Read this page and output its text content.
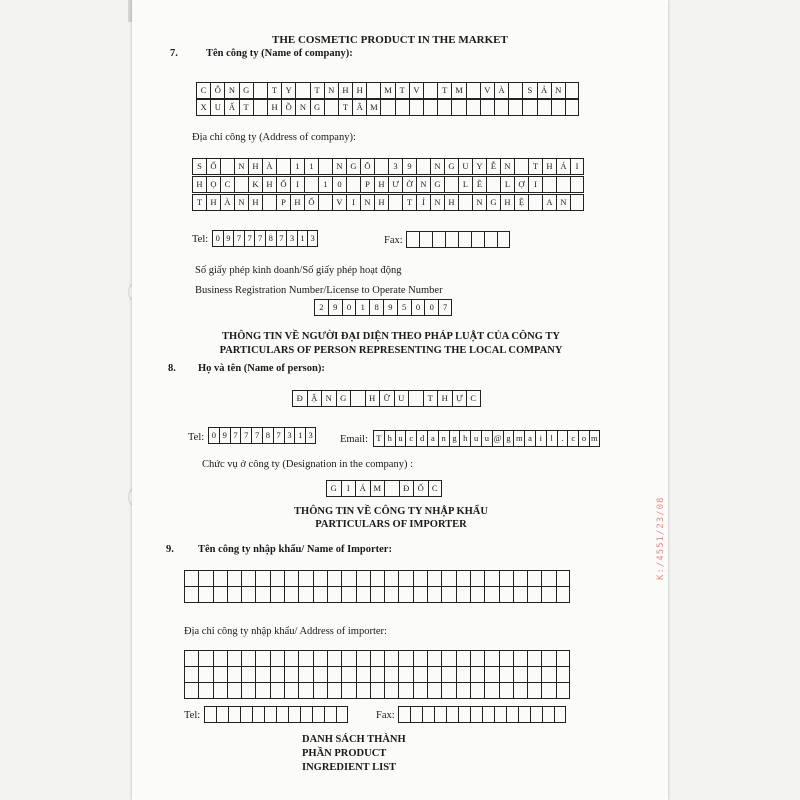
THE COSMETIC PRODUCT IN THE MARKET
7.	Tên công ty (Name of company):
C Ô N G	T	Y	T	N H H	M T	V	T M	V À	S	Ả N
X U Ấ	T	H Ồ N G	T	Â M
Địa chỉ công ty (Address of company):
S	Ố	N H À	1	1	N G Õ	3	9	N G U Y Ễ N	T H Á	I
H Ọ C	K H Ố	I	1	0	P	H Ư Ờ N G	L	Ê	L Ợ	I
T H À N H	P	H Ố	V	I	N H	T	Ỉ	N H	N G H Ệ	A N
Tel: 0 9 7 7 7 8 7 3 1 3	Fax:
Số giấy phép kinh doanh/Số giấy phép hoạt động
Business Registration Number/License to Operate Number
2	9	0	1	8	9	5	0	0	7
THÔNG TIN VỀ NGƯỜI ĐẠI DIỆN THEO PHÁP LUẬT CỦA CÔNG TY
PARTICULARS OF PERSON REPRESENTING THE LOCAL COMPANY
8. Họ và tên (Name of person):
Đ Ặ N G	H Ữ U	T	H Ự C
Tel: 0 9 7 7 7 8 7 3 1 3	Email: T h u c d a n g h u u @ g m a i l	. c o m
Chức vụ ở công ty (Designation in the company) :
G	I	Á M	Đ Ố C
THÔNG TIN VỀ CÔNG TY NHẬP KHẨU
PARTICULARS OF IMPORTER
9. Tên công ty nhập khẩu/ Name of Importer:
Địa chỉ công ty nhập khẩu/ Address of importer:
Tel:	Fax:
DANH SÁCH THÀNH
PHẦN PRODUCT
INGREDIENT LIST
K:/4551/23/08
